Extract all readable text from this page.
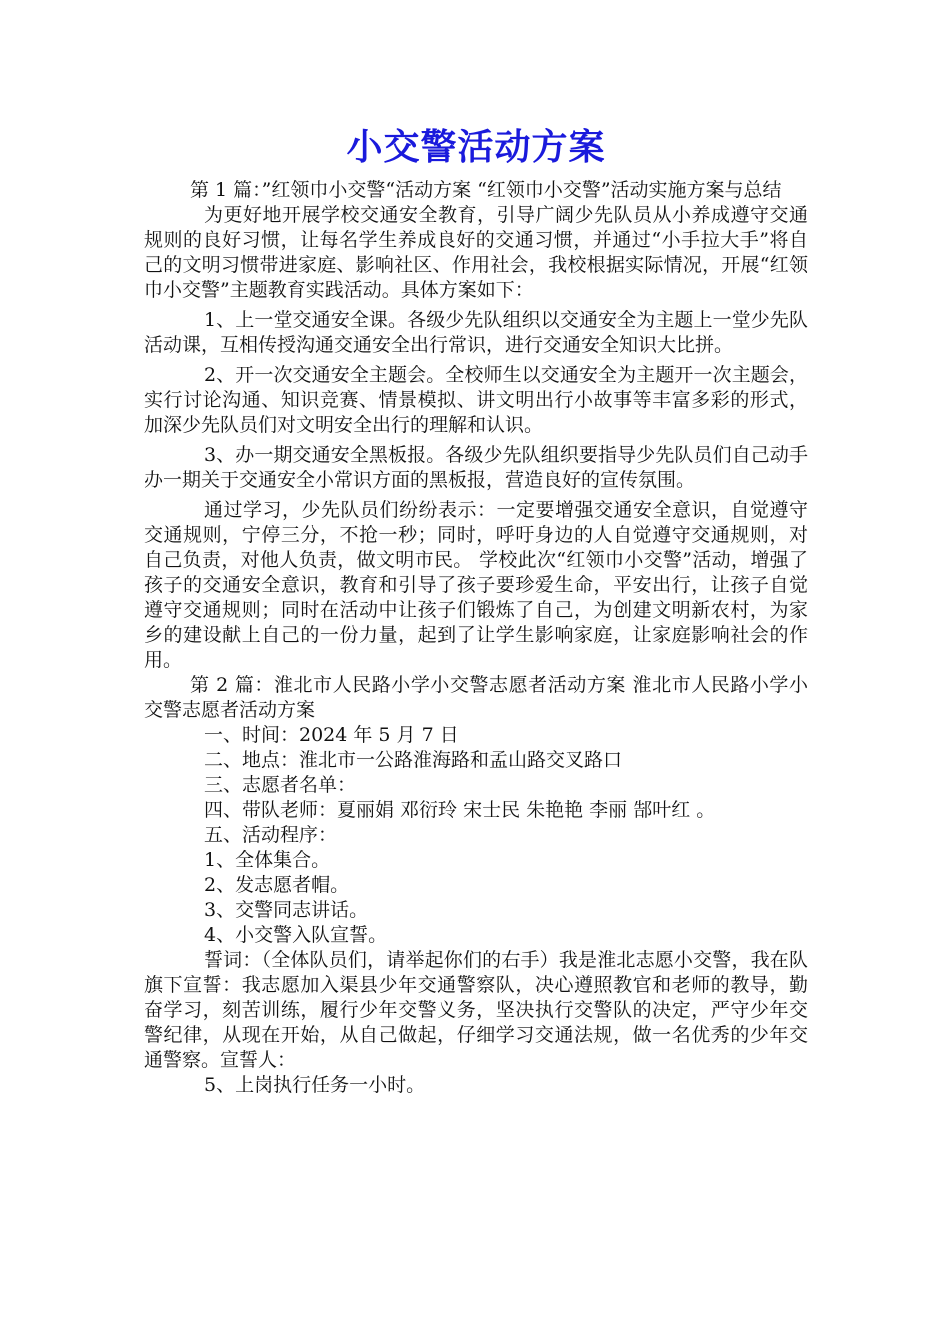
小交警活动方案

第 1 篇：”红领巾小交警“活动方案 “红领巾小交警”活动实施方案与总结

为更好地开展学校交通安全教育，引导广阔少先队员从小养成遵守交通规则的良好习惯，让每名学生养成良好的交通习惯，并通过“小手拉大手”将自己的文明习惯带进家庭、影响社区、作用社会，我校根据实际情况，开展“红领巾小交警”主题教育实践活动。具体方案如下：

1、上一堂交通安全课。各级少先队组织以交通安全为主题上一堂少先队活动课，互相传授沟通交通安全出行常识，进行交通安全知识大比拼。

2、开一次交通安全主题会。全校师生以交通安全为主题开一次主题会，实行讨论沟通、知识竞赛、情景模拟、讲文明出行小故事等丰富多彩的形式，加深少先队员们对文明安全出行的理解和认识。

3、办一期交通安全黑板报。各级少先队组织要指导少先队员们自己动手办一期关于交通安全小常识方面的黑板报，营造良好的宣传氛围。

通过学习，少先队员们纷纷表示：一定要增强交通安全意识，自觉遵守交通规则，宁停三分，不抢一秒；同时，呼吁身边的人自觉遵守交通规则，对自己负责，对他人负责，做文明市民。 学校此次“红领巾小交警”活动，增强了孩子的交通安全意识，教育和引导了孩子要珍爱生命，平安出行，让孩子自觉遵守交通规则；同时在活动中让孩子们锻炼了自己，为创建文明新农村，为家乡的建设献上自己的一份力量，起到了让学生影响家庭，让家庭影响社会的作用。

第 2 篇：淮北市人民路小学小交警志愿者活动方案 淮北市人民路小学小交警志愿者活动方案

一、时间：2024 年 5 月 7 日

二、地点：淮北市一公路淮海路和孟山路交叉路口

三、志愿者名单：

四、带队老师：夏丽娟 邓衍玲 宋士民 朱艳艳 李丽 郜叶红 。

五、活动程序：

1、全体集合。

2、发志愿者帽。

3、交警同志讲话。

4、小交警入队宣誓。

誓词：（全体队员们，请举起你们的右手）我是淮北志愿小交警，我在队旗下宣誓：我志愿加入渠县少年交通警察队，决心遵照教官和老师的教导，勤奋学习，刻苦训练，履行少年交警义务，坚决执行交警队的决定，严守少年交警纪律，从现在开始，从自己做起，仔细学习交通法规，做一名优秀的少年交通警察。宣誓人：

5、上岗执行任务一小时。
